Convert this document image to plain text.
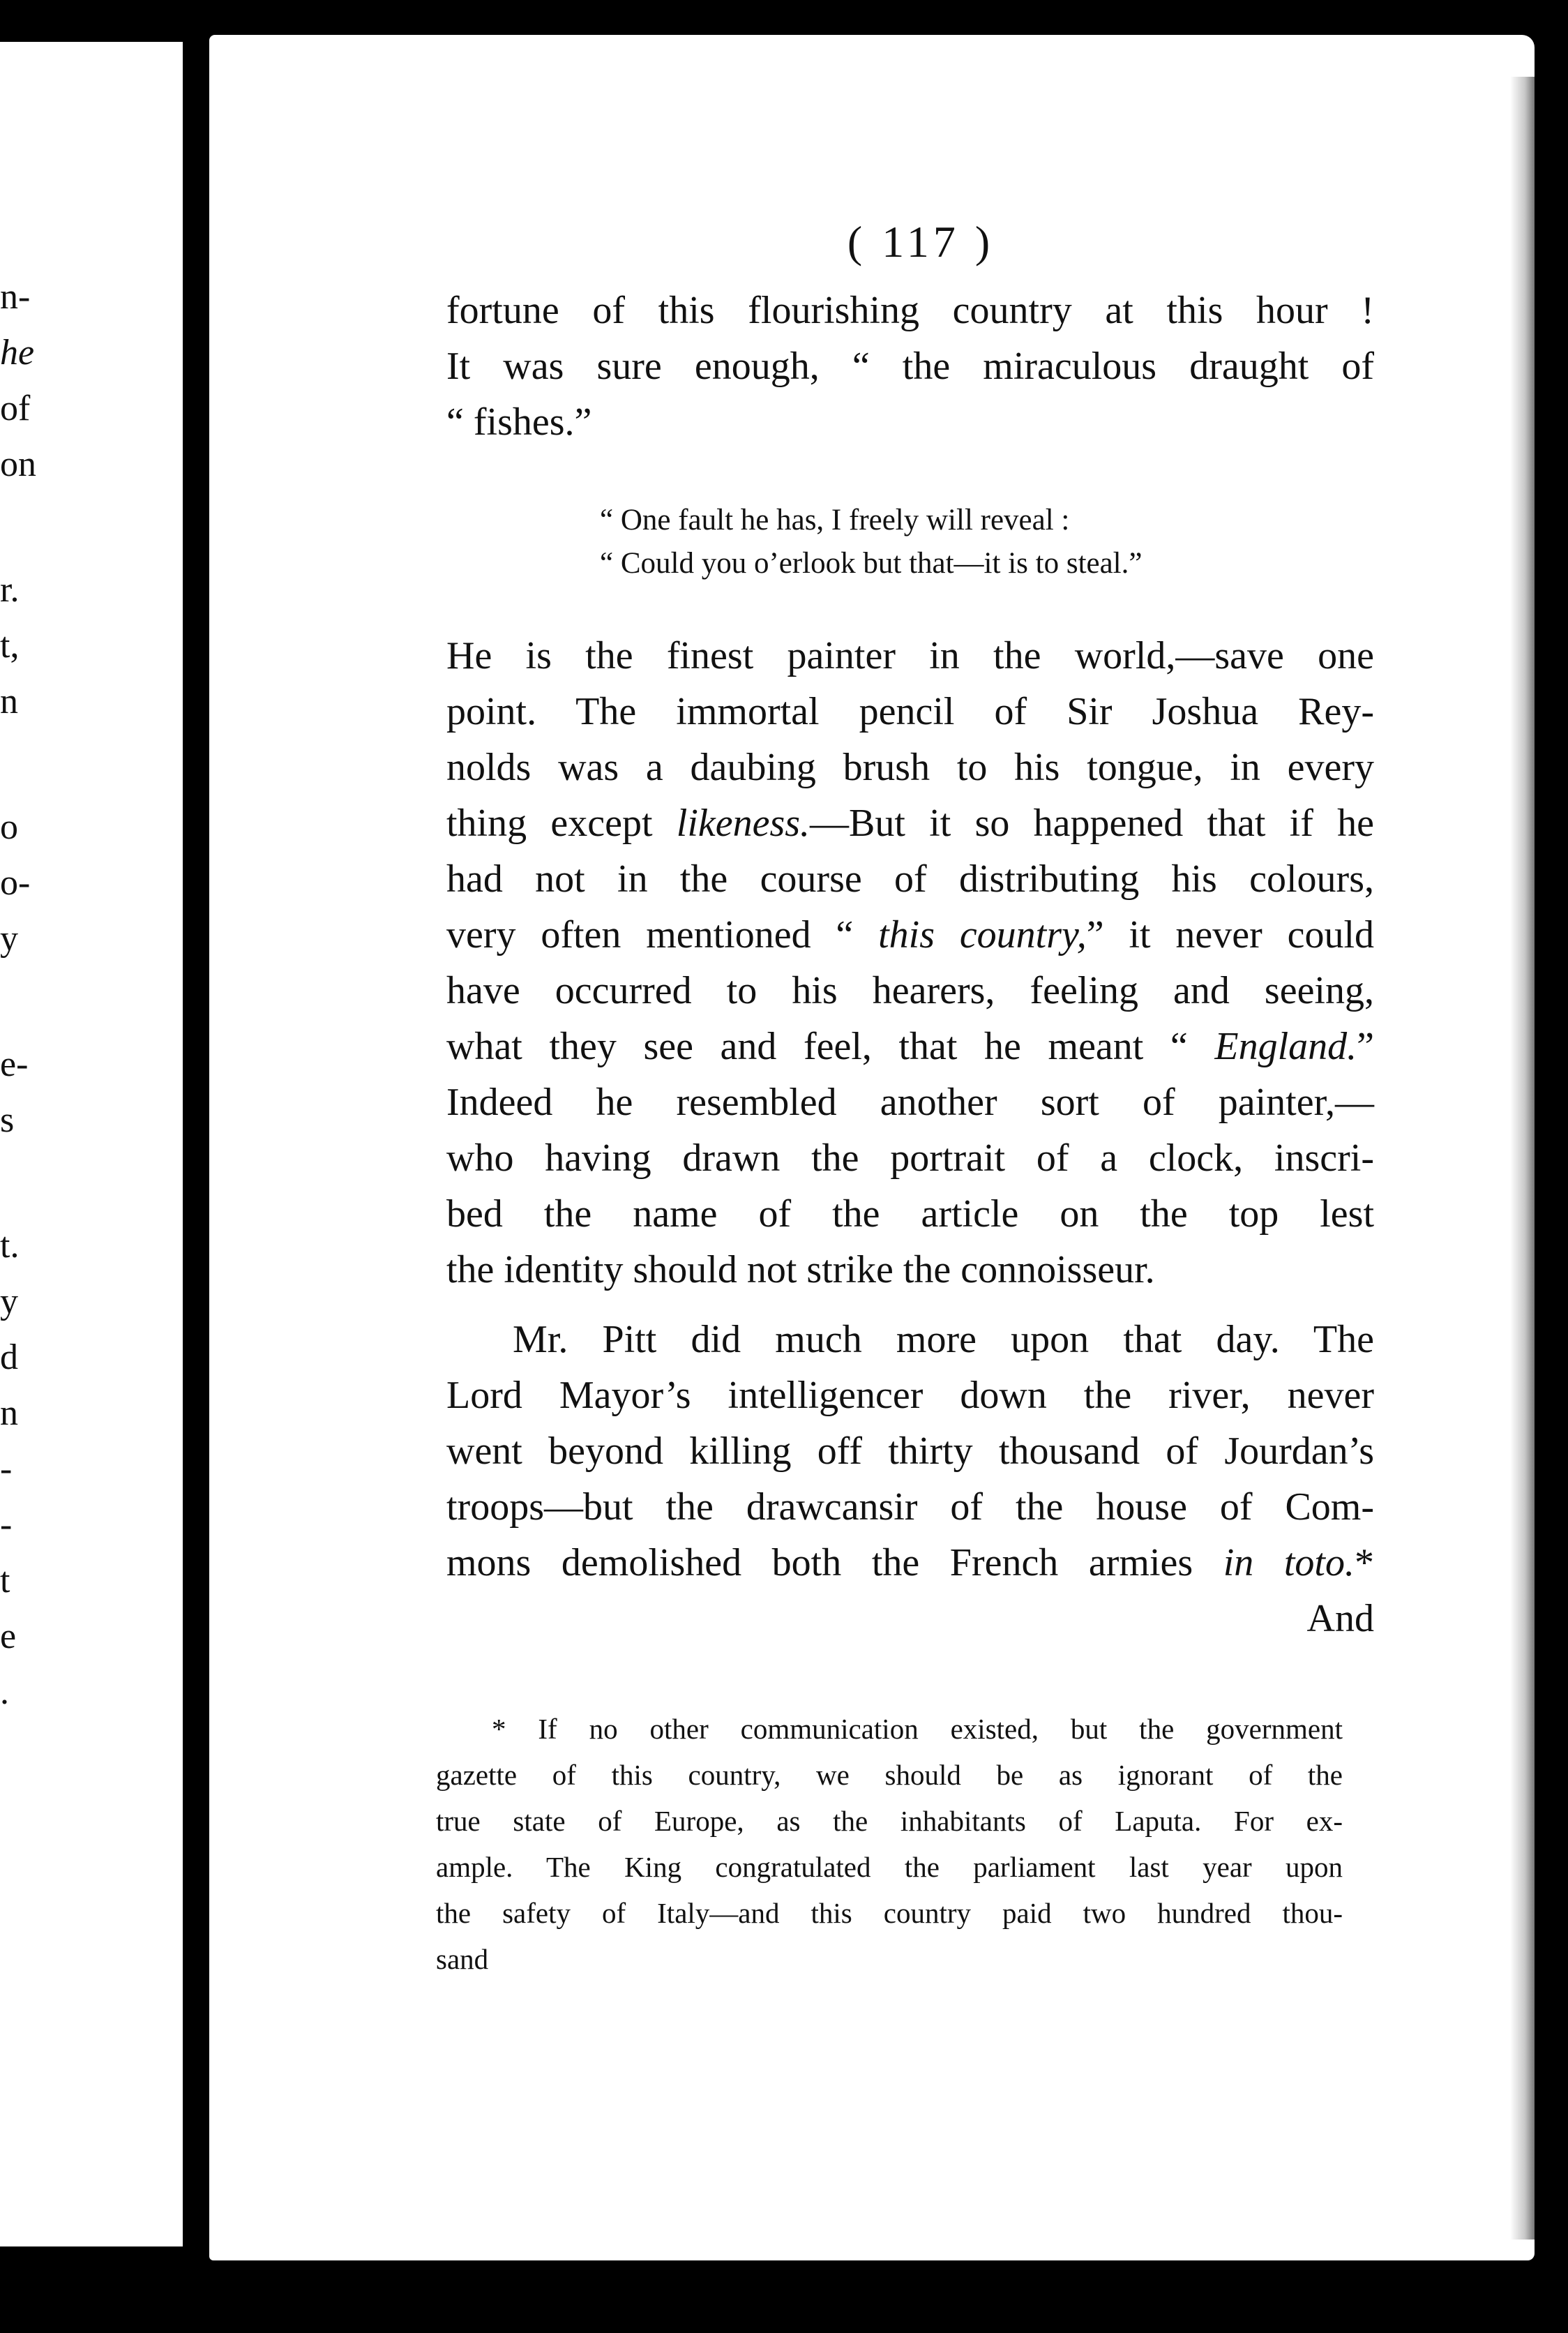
n-
he
of
on
r.
t,
n
o
o-
y
e-
s
t.
y
d
n
-
-
t
e
.
( 117 )
fortune of this flourishing country at this hour !
It was sure enough, “ the miraculous draught of
“ fishes.”
“ One fault he has, I freely will reveal :
“ Could you o’erlook but that—it is to steal.”
He is the finest painter in the world,—save one
point. The immortal pencil of Sir Joshua Rey-
nolds was a daubing brush to his tongue, in every
thing except likeness.—But it so happened that if he
had not in the course of distributing his colours,
very often mentioned “ this country,” it never could
have occurred to his hearers, feeling and seeing,
what they see and feel, that he meant “ England.”
Indeed he resembled another sort of painter,—
who having drawn the portrait of a clock, inscri-
bed the name of the article on the top lest
the identity should not strike the connoisseur.
Mr. Pitt did much more upon that day. The
Lord Mayor’s intelligencer down the river, never
went beyond killing off thirty thousand of Jourdan’s
troops—but the drawcansir of the house of Com-
mons demolished both the French armies in toto.*
And
* If no other communication existed, but the government
gazette of this country, we should be as ignorant of the
true state of Europe, as the inhabitants of Laputa. For ex-
ample. The King congratulated the parliament last year upon
the safety of Italy—and this country paid two hundred thou-
sand
